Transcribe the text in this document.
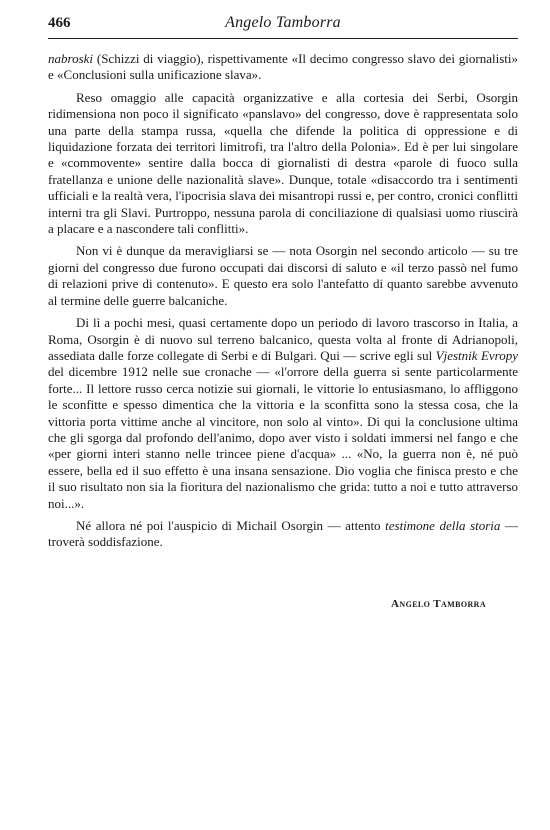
466	Angelo Tamborra

nabroski (Schizzi di viaggio), rispettivamente «Il decimo congresso slavo dei giornalisti» e «Conclusioni sulla unificazione slava».

Reso omaggio alle capacità organizzative e alla cortesia dei Serbi, Osorgin ridimensiona non poco il significato «panslavo» del congresso, dove è rappresentata solo una parte della stampa russa, «quella che difende la politica di oppressione e di liquidazione forzata dei territori limitrofi, tra l'altro della Polonia». Ed è per lui singolare e «commovente» sentire dalla bocca di giornalisti di destra «parole di fuoco sulla fratellanza e unione delle nazionalità slave». Dunque, totale «disaccordo tra i sentimenti ufficiali e la realtà vera, l'ipocrisia slava dei misantropi russi e, per contro, cronici conflitti interni tra gli Slavi. Purtroppo, nessuna parola di conciliazione di qualsiasi uomo riuscirà a placare e a nascondere tali conflitti».

Non vi è dunque da meravigliarsi se — nota Osorgin nel secondo articolo — su tre giorni del congresso due furono occupati dai discorsi di saluto e «il terzo passò nel fumo di relazioni prive di contenuto». E questo era solo l'antefatto di quanto sarebbe avvenuto al termine delle guerre balcaniche.

Di lì a pochi mesi, quasi certamente dopo un periodo di lavoro trascorso in Italia, a Roma, Osorgin è di nuovo sul terreno balcanico, questa volta al fronte di Adrianopoli, assediata dalle forze collegate di Serbi e di Bulgari. Qui — scrive egli sul Vjestnik Evropy del dicembre 1912 nelle sue cronache — «l'orrore della guerra si sente particolarmente forte... Il lettore russo cerca notizie sui giornali, le vittorie lo entusiasmano, lo affliggono le sconfitte e spesso dimentica che la vittoria e la sconfitta sono la stessa cosa, che la vittoria porta vittime anche al vincitore, non solo al vinto». Di qui la conclusione ultima che gli sgorga dal profondo dell'animo, dopo aver visto i soldati immersi nel fango e che «per giorni interi stanno nelle trincee piene d'acqua» ... «No, la guerra non è, né può essere, bella ed il suo effetto è una insana sensazione. Dio voglia che finisca presto e che il suo risultato non sia la fioritura del nazionalismo che grida: tutto a noi e tutto attraverso noi...».

Né allora né poi l'auspicio di Michail Osorgin — attento testimone della storia — troverà soddisfazione.

Angelo Tamborra
